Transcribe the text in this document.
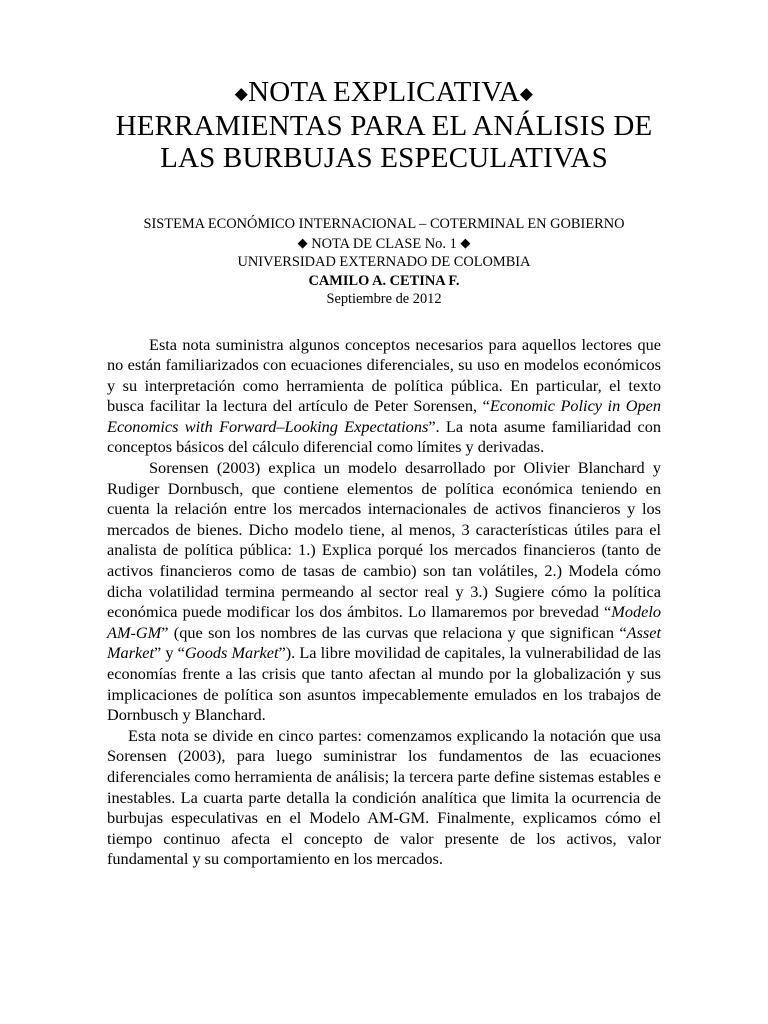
◆NOTA EXPLICATIVA◆
HERRAMIENTAS PARA EL ANÁLISIS DE
LAS BURBUJAS ESPECULATIVAS
SISTEMA ECONÓMICO INTERNACIONAL – COTERMINAL EN GOBIERNO
◆ NOTA DE CLASE No. 1 ◆
UNIVERSIDAD EXTERNADO DE COLOMBIA
CAMILO A. CETINA F.
Septiembre de 2012

Esta nota suministra algunos conceptos necesarios para aquellos lectores que no están familiarizados con ecuaciones diferenciales, su uso en modelos económicos y su interpretación como herramienta de política pública. En particular, el texto busca facilitar la lectura del artículo de Peter Sorensen, “Economic Policy in Open Economics with Forward–Looking Expectations”. La nota asume familiaridad con conceptos básicos del cálculo diferencial como límites y derivadas.

Sorensen (2003) explica un modelo desarrollado por Olivier Blanchard y Rudiger Dornbusch, que contiene elementos de política económica teniendo en cuenta la relación entre los mercados internacionales de activos financieros y los mercados de bienes. Dicho modelo tiene, al menos, 3 características útiles para el analista de política pública: 1.) Explica porqué los mercados financieros (tanto de activos financieros como de tasas de cambio) son tan volátiles, 2.) Modela cómo dicha volatilidad termina permeando al sector real y 3.) Sugiere cómo la política económica puede modificar los dos ámbitos. Lo llamaremos por brevedad “Modelo AM-GM” (que son los nombres de las curvas que relaciona y que significan “Asset Market” y “Goods Market”). La libre movilidad de capitales, la vulnerabilidad de las economías frente a las crisis que tanto afectan al mundo por la globalización y sus implicaciones de política son asuntos impecablemente emulados en los trabajos de Dornbusch y Blanchard.

Esta nota se divide en cinco partes: comenzamos explicando la notación que usa Sorensen (2003), para luego suministrar los fundamentos de las ecuaciones diferenciales como herramienta de análisis; la tercera parte define sistemas estables e inestables. La cuarta parte detalla la condición analítica que limita la ocurrencia de burbujas especulativas en el Modelo AM-GM. Finalmente, explicamos cómo el tiempo continuo afecta el concepto de valor presente de los activos, valor fundamental y su comportamiento en los mercados.
